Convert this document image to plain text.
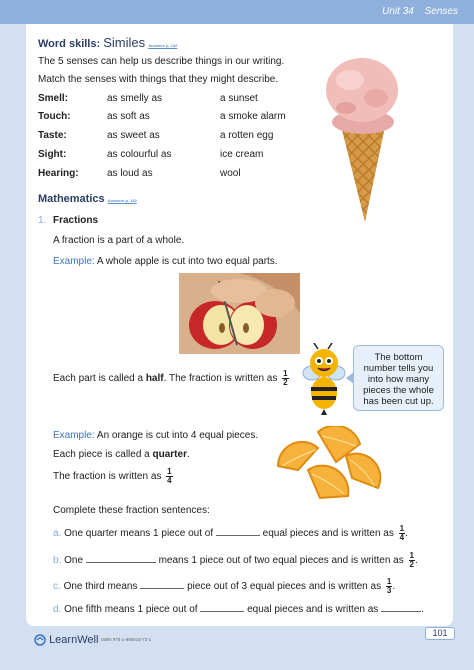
Unit 34 Senses
Word skills: Similes Answers p. 132
The 5 senses can help us describe things in our writing.
Match the senses with things that they might describe.
Smell:	as smelly as	a sunset
Touch:	as soft as	a smoke alarm
Taste:	as sweet as	a rotten egg
Sight:	as colourful as	ice cream
Hearing:	as loud as	wool
Mathematics Answers p. 132
1. Fractions
A fraction is a part of a whole.
Example: A whole apple is cut into two equal parts.
Each part is called a half. The fraction is written as $\frac{1}{2}$
The bottom number tells you into how many pieces the whole has been cut up.
Example: An orange is cut into 4 equal pieces.
Each piece is called a quarter.
The fraction is written as $\frac{1}{4}$
Complete these fraction sentences:
a. One quarter means 1 piece out of	equal pieces and is written as $\frac{1}{4}$ .
b. One	means 1 piece out of two equal pieces and is written as $\frac{1}{2}$ .
c. One third means	piece out of 3 equal pieces and is written as $\frac{1}{3}$ .
d. One fifth means 1 piece out of	equal pieces and is written as	.
LearnWell ISBN 978-1-990015-73-1
101
